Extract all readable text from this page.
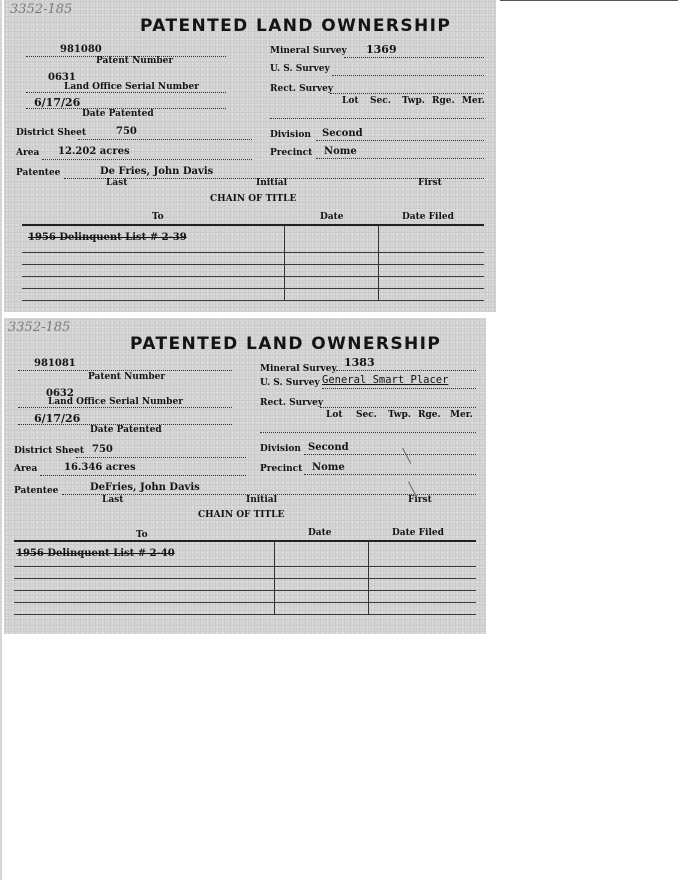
3352-185
PATENTED LAND OWNERSHIP
981080
Patent Number
0631
Land Office Serial Number
6/17/26
Date Patented
District Sheet	750
Area 12.202 acres
Patentee	De Fries, John Davis
Last	Initial	First
Mineral Survey 1369
U. S. Survey
Rect. Survey
Lot Sec. Twp. Rge. Mer.
Division Second
Precinct Nome
CHAIN OF TITLE
To	Date	Date Filed
1956 Delinquent List # 2-39
3352-185
PATENTED LAND OWNERSHIP
981081
Patent Number
0632
Land Office Serial Number
6/17/26
Date Patented
District Sheet 750
Area	16.346 acres
Patentee	DeFries, John Davis
Last	Initial	First
Mineral Survey 1383
U. S. Survey General Smart Placer
Rect. Survey
Lot Sec. Twp. Rge. Mer.
Division Second
Precinct Nome
CHAIN OF TITLE
To	Date	Date Filed
1956 Delinquent List # 2-40
